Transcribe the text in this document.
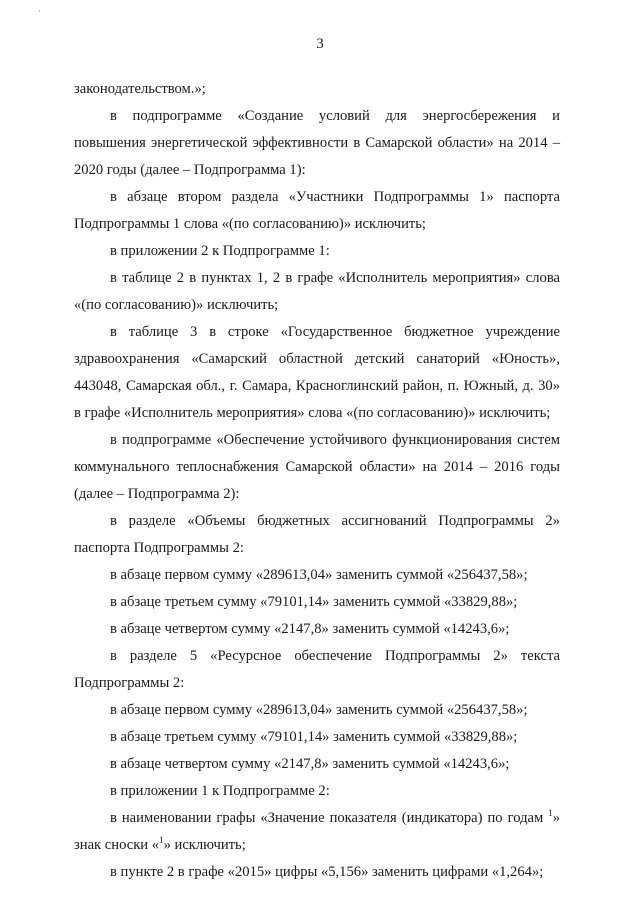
·
3

законодательством.»;

в подпрограмме «Создание условий для энергосбережения и повышения энергетической эффективности в Самарской области» на 2014 – 2020 годы (далее – Подпрограмма 1):

в абзаце втором раздела «Участники Подпрограммы 1» паспорта Подпрограммы 1 слова «(по согласованию)» исключить;

в приложении 2 к Подпрограмме 1:

в таблице 2 в пунктах 1, 2 в графе «Исполнитель мероприятия» слова «(по согласованию)» исключить;

в таблице 3 в строке «Государственное бюджетное учреждение здравоохранения «Самарский областной детский санаторий «Юность», 443048, Самарская обл., г. Самара, Красноглинский район, п. Южный, д. 30» в графе «Исполнитель мероприятия» слова «(по согласованию)» исключить;

в подпрограмме «Обеспечение устойчивого функционирования систем коммунального теплоснабжения Самарской области» на 2014 – 2016 годы (далее – Подпрограмма 2):

в разделе «Объемы бюджетных ассигнований Подпрограммы 2» паспорта Подпрограммы 2:

в абзаце первом сумму «289613,04» заменить суммой «256437,58»;

в абзаце третьем сумму «79101,14» заменить суммой «33829,88»;

в абзаце четвертом сумму «2147,8» заменить суммой «14243,6»;

в разделе 5 «Ресурсное обеспечение Подпрограммы 2» текста Подпрограммы 2:

в абзаце первом сумму «289613,04» заменить суммой «256437,58»;

в абзаце третьем сумму «79101,14» заменить суммой «33829,88»;

в абзаце четвертом сумму «2147,8» заменить суммой «14243,6»;

в приложении 1 к Подпрограмме 2:

в наименовании графы «Значение показателя (индикатора) по годам $^1$» знак сноски «$^1$» исключить;

в пункте 2 в графе «2015» цифры «5,156» заменить цифрами «1,264»;
